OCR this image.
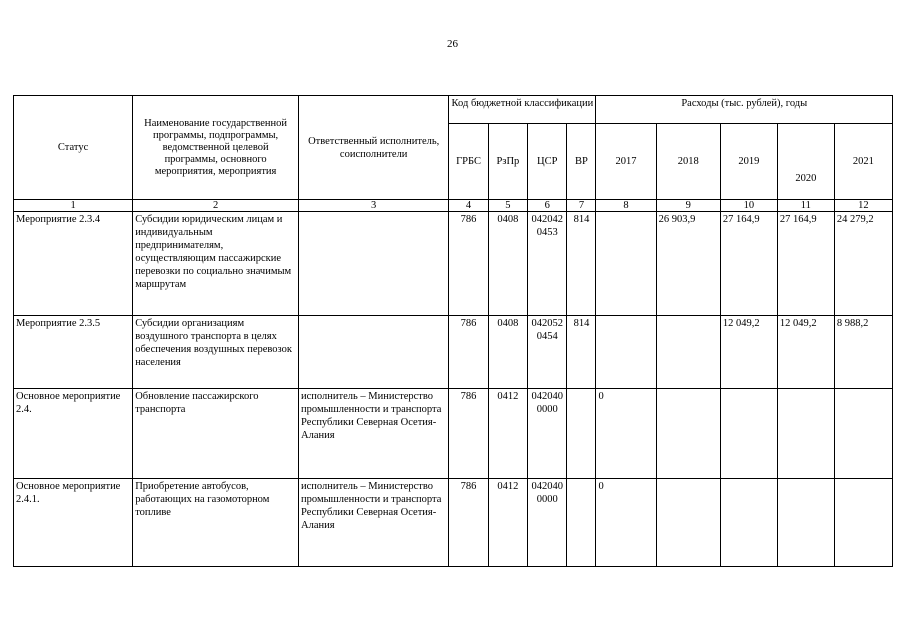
26
Статус	Наименование государственной программы, подпрограммы, ведомственной целевой программы, основного мероприятия, мероприятия	Ответственный исполнитель, соисполнители	Код бюджетной классификации				Расходы (тыс. рублей), годы				
			ГРБС	РзПр	ЦСР	ВР	2017	2018	2019	2020	2021
1	2	3	4	5	6	7	8	9	10	11	12
Мероприятие 2.3.4	Субсидии юридическим лицам и индивидуальным предпринимателям, осуществляющим пассажирские перевозки по социально значимым маршрутам		786	0408	0420420453	814		26 903,9	27 164,9	27 164,9	24 279,2
Мероприятие 2.3.5	Субсидии организациям воздушного транспорта в целях обеспечения воздушных перевозок населения		786	0408	0420520454	814			12 049,2	12 049,2	8 988,2
Основное мероприятие 2.4.	Обновление пассажирского транспорта	исполнитель – Министерство промышленности и транспорта Республики Северная Осетия-Алания	786	0412	0420400000		0				
Основное мероприятие 2.4.1.	Приобретение автобусов, работающих на газомоторном топливе	исполнитель – Министерство промышленности и транспорта Республики Северная Осетия-Алания	786	0412	0420400000		0				
